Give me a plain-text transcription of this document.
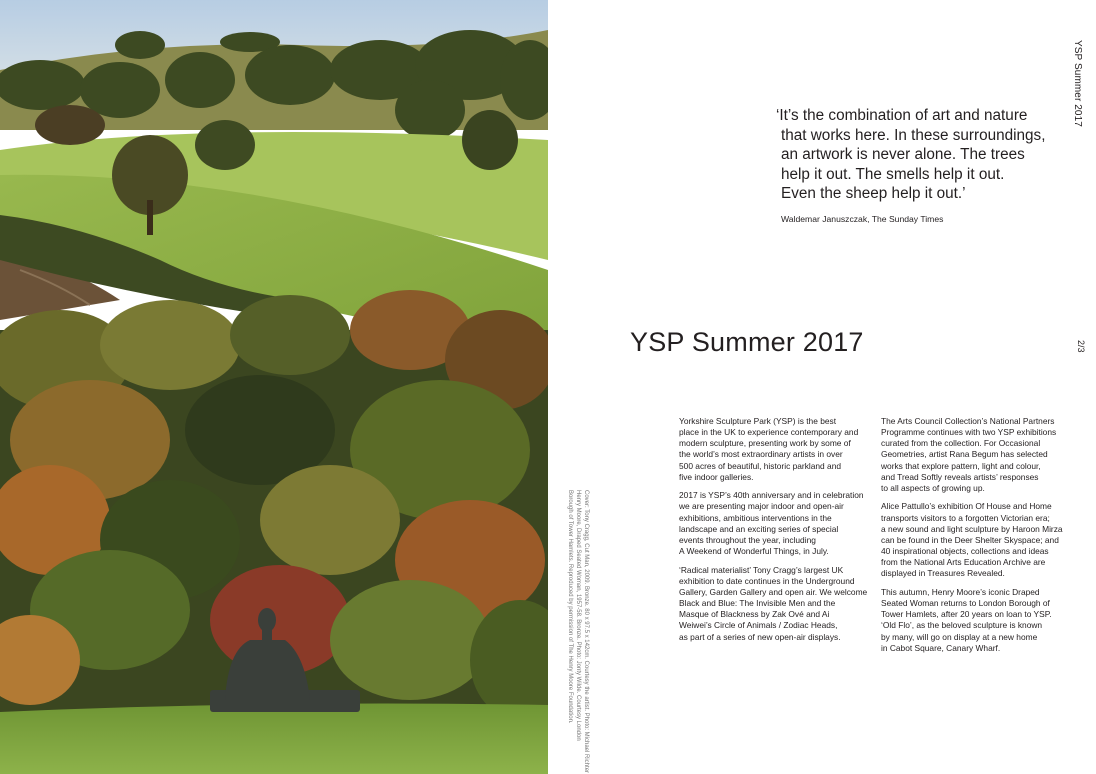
YSP Summer 2017
2/3
‘It’s the combination of art and nature
that works here. In these surroundings,
an artwork is never alone. The trees
help it out. The smells help it out.
Even the sheep help it out.’
Waldemar Januszczak, The Sunday Times
YSP Summer 2017
Yorkshire Sculpture Park (YSP) is the best
place in the UK to experience contemporary and
modern sculpture, presenting work by some of
the world’s most extraordinary artists in over
500 acres of beautiful, historic parkland and
five indoor galleries.
2017 is YSP’s 40th anniversary and in celebration
we are presenting major indoor and open-air
exhibitions, ambitious interventions in the
landscape and an exciting series of special
events throughout the year, including
A Weekend of Wonderful Things, in July.
‘Radical materialist’ Tony Cragg’s largest UK
exhibition to date continues in the Underground
Gallery, Garden Gallery and open air. We welcome
Black and Blue: The Invisible Men and the
Masque of Blackness by Zak Ové and Ai
Weiwei’s Circle of Animals / Zodiac Heads,
as part of a series of new open-air displays.
The Arts Council Collection’s National Partners
Programme continues with two YSP exhibitions
curated from the collection. For Occasional
Geometries, artist Rana Begum has selected
works that explore pattern, light and colour,
and Tread Softly reveals artists’ responses
to all aspects of growing up.
Alice Pattullo’s exhibition Of House and Home
transports visitors to a forgotten Victorian era;
a new sound and light sculpture by Haroon Mirza
can be found in the Deer Shelter Skyspace; and
40 inspirational objects, collections and ideas
from the National Arts Education Archive are
displayed in Treasures Revealed.
This autumn, Henry Moore’s iconic Draped
Seated Woman returns to London Borough of
Tower Hamlets, after 20 years on loan to YSP.
‘Old Flo’, as the beloved sculpture is known
by many, will go on display at a new home
in Cabot Square, Canary Wharf.
Cover: Tony Cragg, Cut Man, 2009. Bronze. 80 x 97.5 x 142cm. Courtesy the artist. Photo: Michael Richter
Henry Moore, Draped Seated Woman, 1957-58. Bronze. Photo: Jonty Wilde. Courtesy London
Borough of Tower Hamlets. Reproduced by permission of The Henry Moore Foundation.
